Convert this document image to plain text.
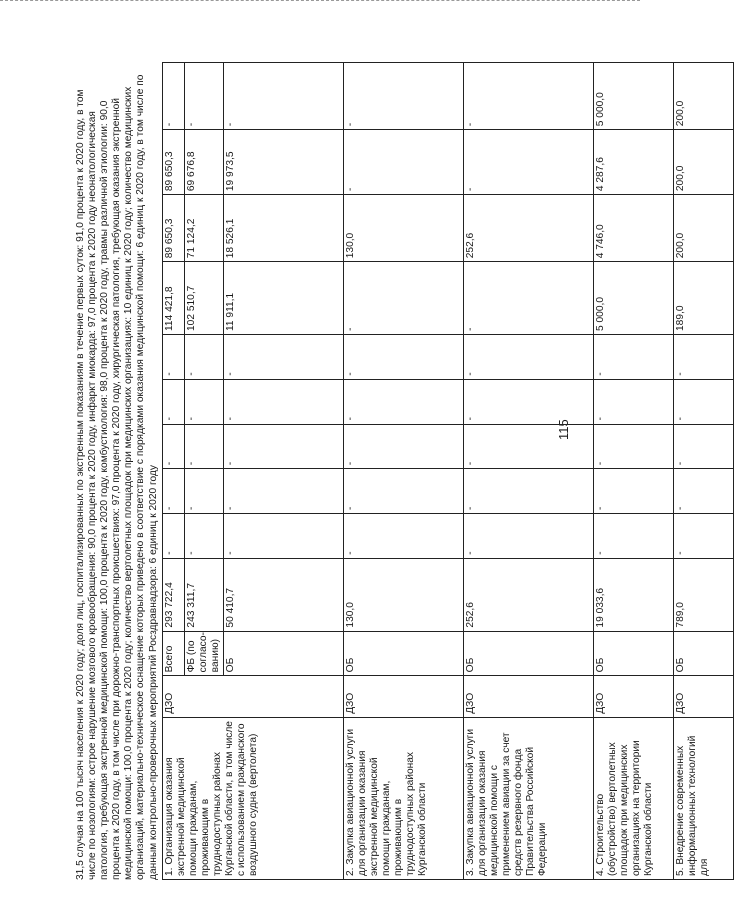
115

31,5 случая на 100 тысяч населения к 2020 году; доля лиц, госпитализированных по экстренным показаниям в течение первых суток: 91,0 процента к 2020 году, в том числе по нозологиям: острое нарушение мозгового кровообращения: 90,0 процента к 2020 году, инфаркт миокарда: 97,0 процента к 2020 году неонатологическая патология, требующая экстренной медицинской помощи: 100,0 процента к 2020 году, комбустиология: 98,0 процента к 2020 году, травмы различной этиологии: 90,0 процента к 2020 году, в том числе при дорожно-транспортных происшествиях: 97,0 процента к 2020 году, хирургическая патология, требующая оказания экстренной медицинской помощи: 100,0 процента к 2020 году; количество вертолетных площадок при медицинских организациях: 10 единиц к 2020 году; количество медицинских организаций, материально-техническое оснащение которых приведено в соответствие с порядками оказания медицинской помощи: 6 единиц к 2020 году, в том числе по данным контрольно-проверочных мероприятий Росздравнадзора: 6 единиц к 2020 году 1. Организация оказания экстренной медицинской помощи гражданам, проживающим в труднодоступных районах Курганской области, в том числе с использованием гражданского воздушного судна (вертолета)	ДЗО	Всего	293 722,4	-	-	-	-	-	114 421,8	89 650,3	89 650,3	-
		ФБ (по согласо-ванию)	243 311,7	-	-	-	-	-	102 510,7	71 124,2	69 676,8	-
		ОБ	50 410,7	-	-	-	-	-	11 911,1	18 526,1	19 973,5	-
2. Закупка авиационной услуги для организации оказания экстренной медицинской помощи гражданам, проживающим в труднодоступных районах Курганской области	ДЗО	ОБ	130,0	-	-	-	-	-	-	130,0	-	-
3. Закупка авиационной услуги для организации оказания медицинской помощи с применением авиации за счет средств резервного фонда Правительства Российской Федерации	ДЗО	ОБ	252,6	-	-	-	-	-	-	252,6	-	-
4. Строительство (обустройство) вертолетных площадок при медицинских организациях на территории Курганской области	ДЗО	ОБ	19 033,6	-	-	-	-	-	5 000,0	4 746,0	4 287,6	5 000,0
5. Внедрение современных информационных технологий для	ДЗО	ОБ	789,0	-	-	-	-	-	189,0	200,0	200,0	200,0
